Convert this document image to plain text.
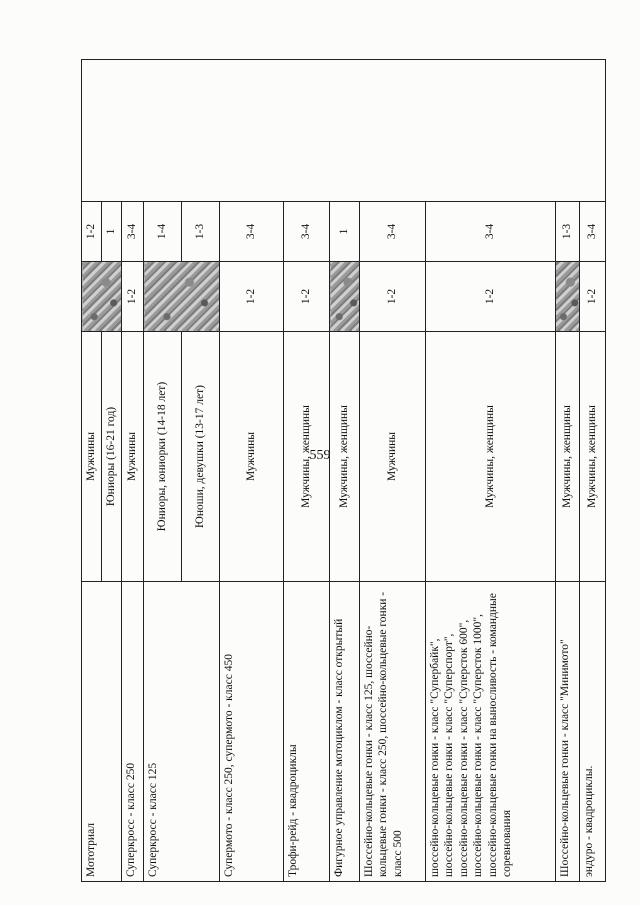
559
Мототриал	Мужчины		1-2	
	Юниоры (16-21 год)		1	
Суперкросс - класс 250	Мужчины	1-2	3-4	
Суперкросс - класс 125	Юниоры, юниорки (14-18 лет)		1-4	
	Юноши, девушки (13-17 лет)		1-3	
Супермото - класс 250, супермото - класс 450	Мужчины	1-2	3-4	
Трофи-рейд - квадроциклы	Мужчины, женщины	1-2	3-4	
Фигурное управление мотоциклом - класс открытый	Мужчины, женщины		1	
Шоссейно-кольцевые гонки - класс 125, шоссейно-кольцевые гонки - класс 250, шоссейно-кольцевые гонки - класс 500	Мужчины	1-2	3-4	
шоссейно-кольцевые гонки - класс "Супербайк", шоссейно-кольцевые гонки - класс "Суперспорт", шоссейно-кольцевые гонки - класс "Суперсток 600", шоссейно-кольцевые гонки - класс "Суперсток 1000", шоссейно-кольцевые гонки на выносливость - командные соревнования	Мужчины, женщины	1-2	3-4	
Шоссейно-кольцевые гонки - класс "Минимото"	Мужчины, женщины		1-3	
эндуро - квадроциклы.	Мужчины, женщины	1-2	3-4	
